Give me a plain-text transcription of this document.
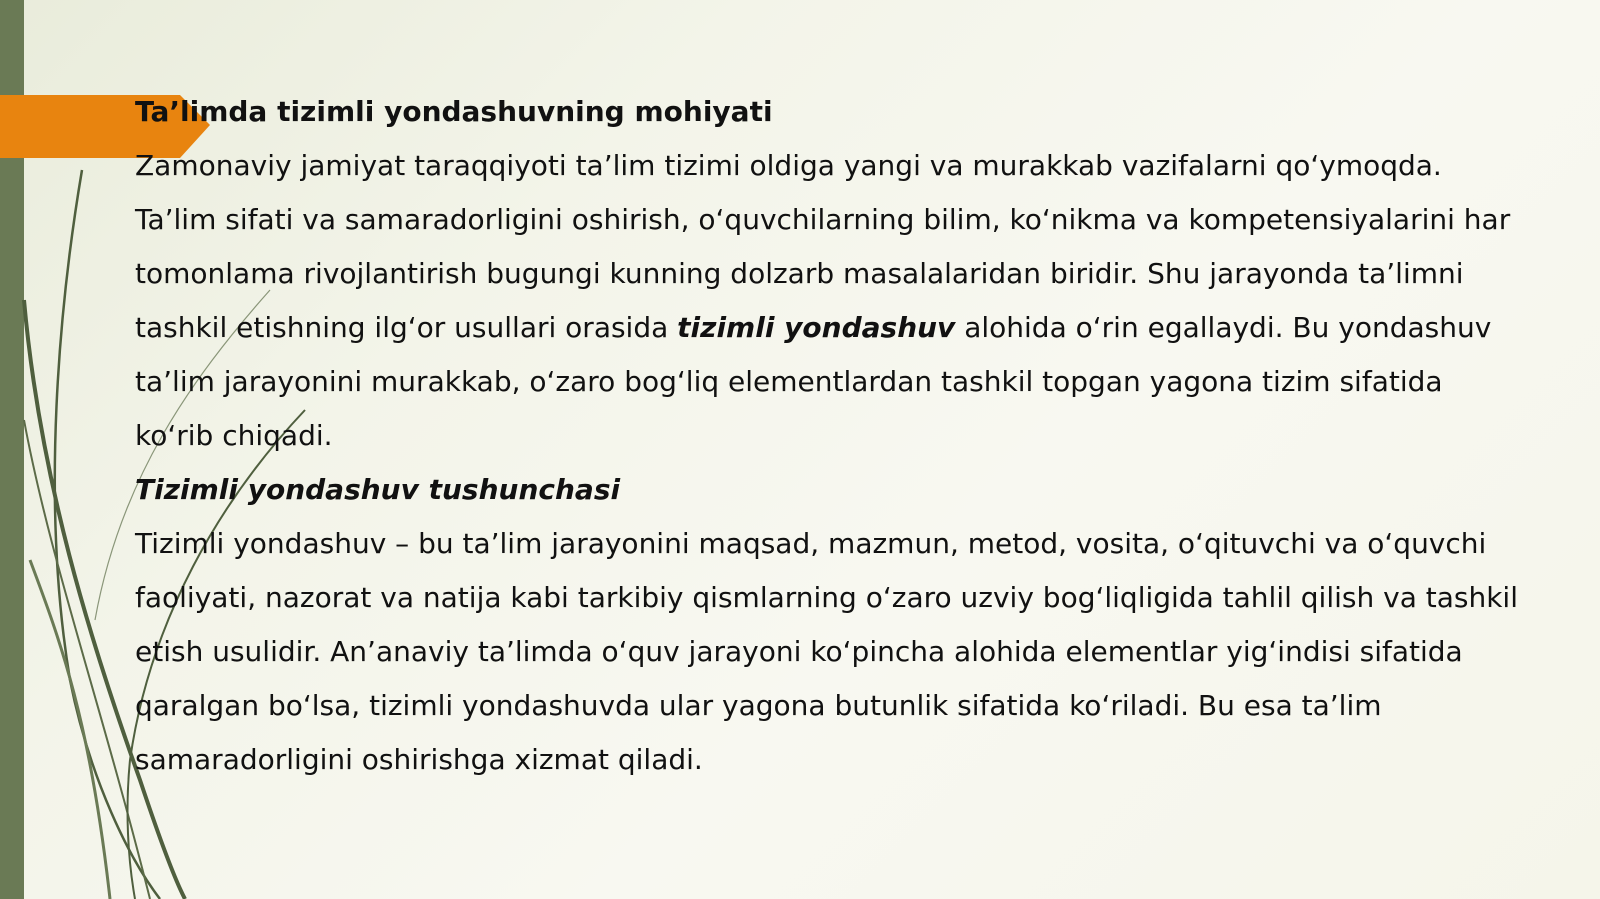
Ta’limda tizimli yondashuvning mohiyati

Zamonaviy jamiyat taraqqiyoti ta’lim tizimi oldiga yangi va murakkab vazifalarni qo‘ymoqda. Ta’lim sifati va samaradorligini oshirish, o‘quvchilarning bilim, ko‘nikma va kompetensiyalarini har tomonlama rivojlantirish bugungi kunning dolzarb masalalaridan biridir. Shu jarayonda ta’limni tashkil etishning ilg‘or usullari orasida tizimli yondashuv alohida o‘rin egallaydi. Bu yondashuv ta’lim jarayonini murakkab, o‘zaro bog‘liq elementlardan tashkil topgan yagona tizim sifatida ko‘rib chiqadi.

Tizimli yondashuv tushunchasi

Tizimli yondashuv – bu ta’lim jarayonini maqsad, mazmun, metod, vosita, o‘qituvchi va o‘quvchi faoliyati, nazorat va natija kabi tarkibiy qismlarning o‘zaro uzviy bog‘liqligida tahlil qilish va tashkil etish usulidir. An’anaviy ta’limda o‘quv jarayoni ko‘pincha alohida elementlar yig‘indisi sifatida qaralgan bo‘lsa, tizimli yondashuvda ular yagona butunlik sifatida ko‘riladi. Bu esa ta’lim samaradorligini oshirishga xizmat qiladi.
